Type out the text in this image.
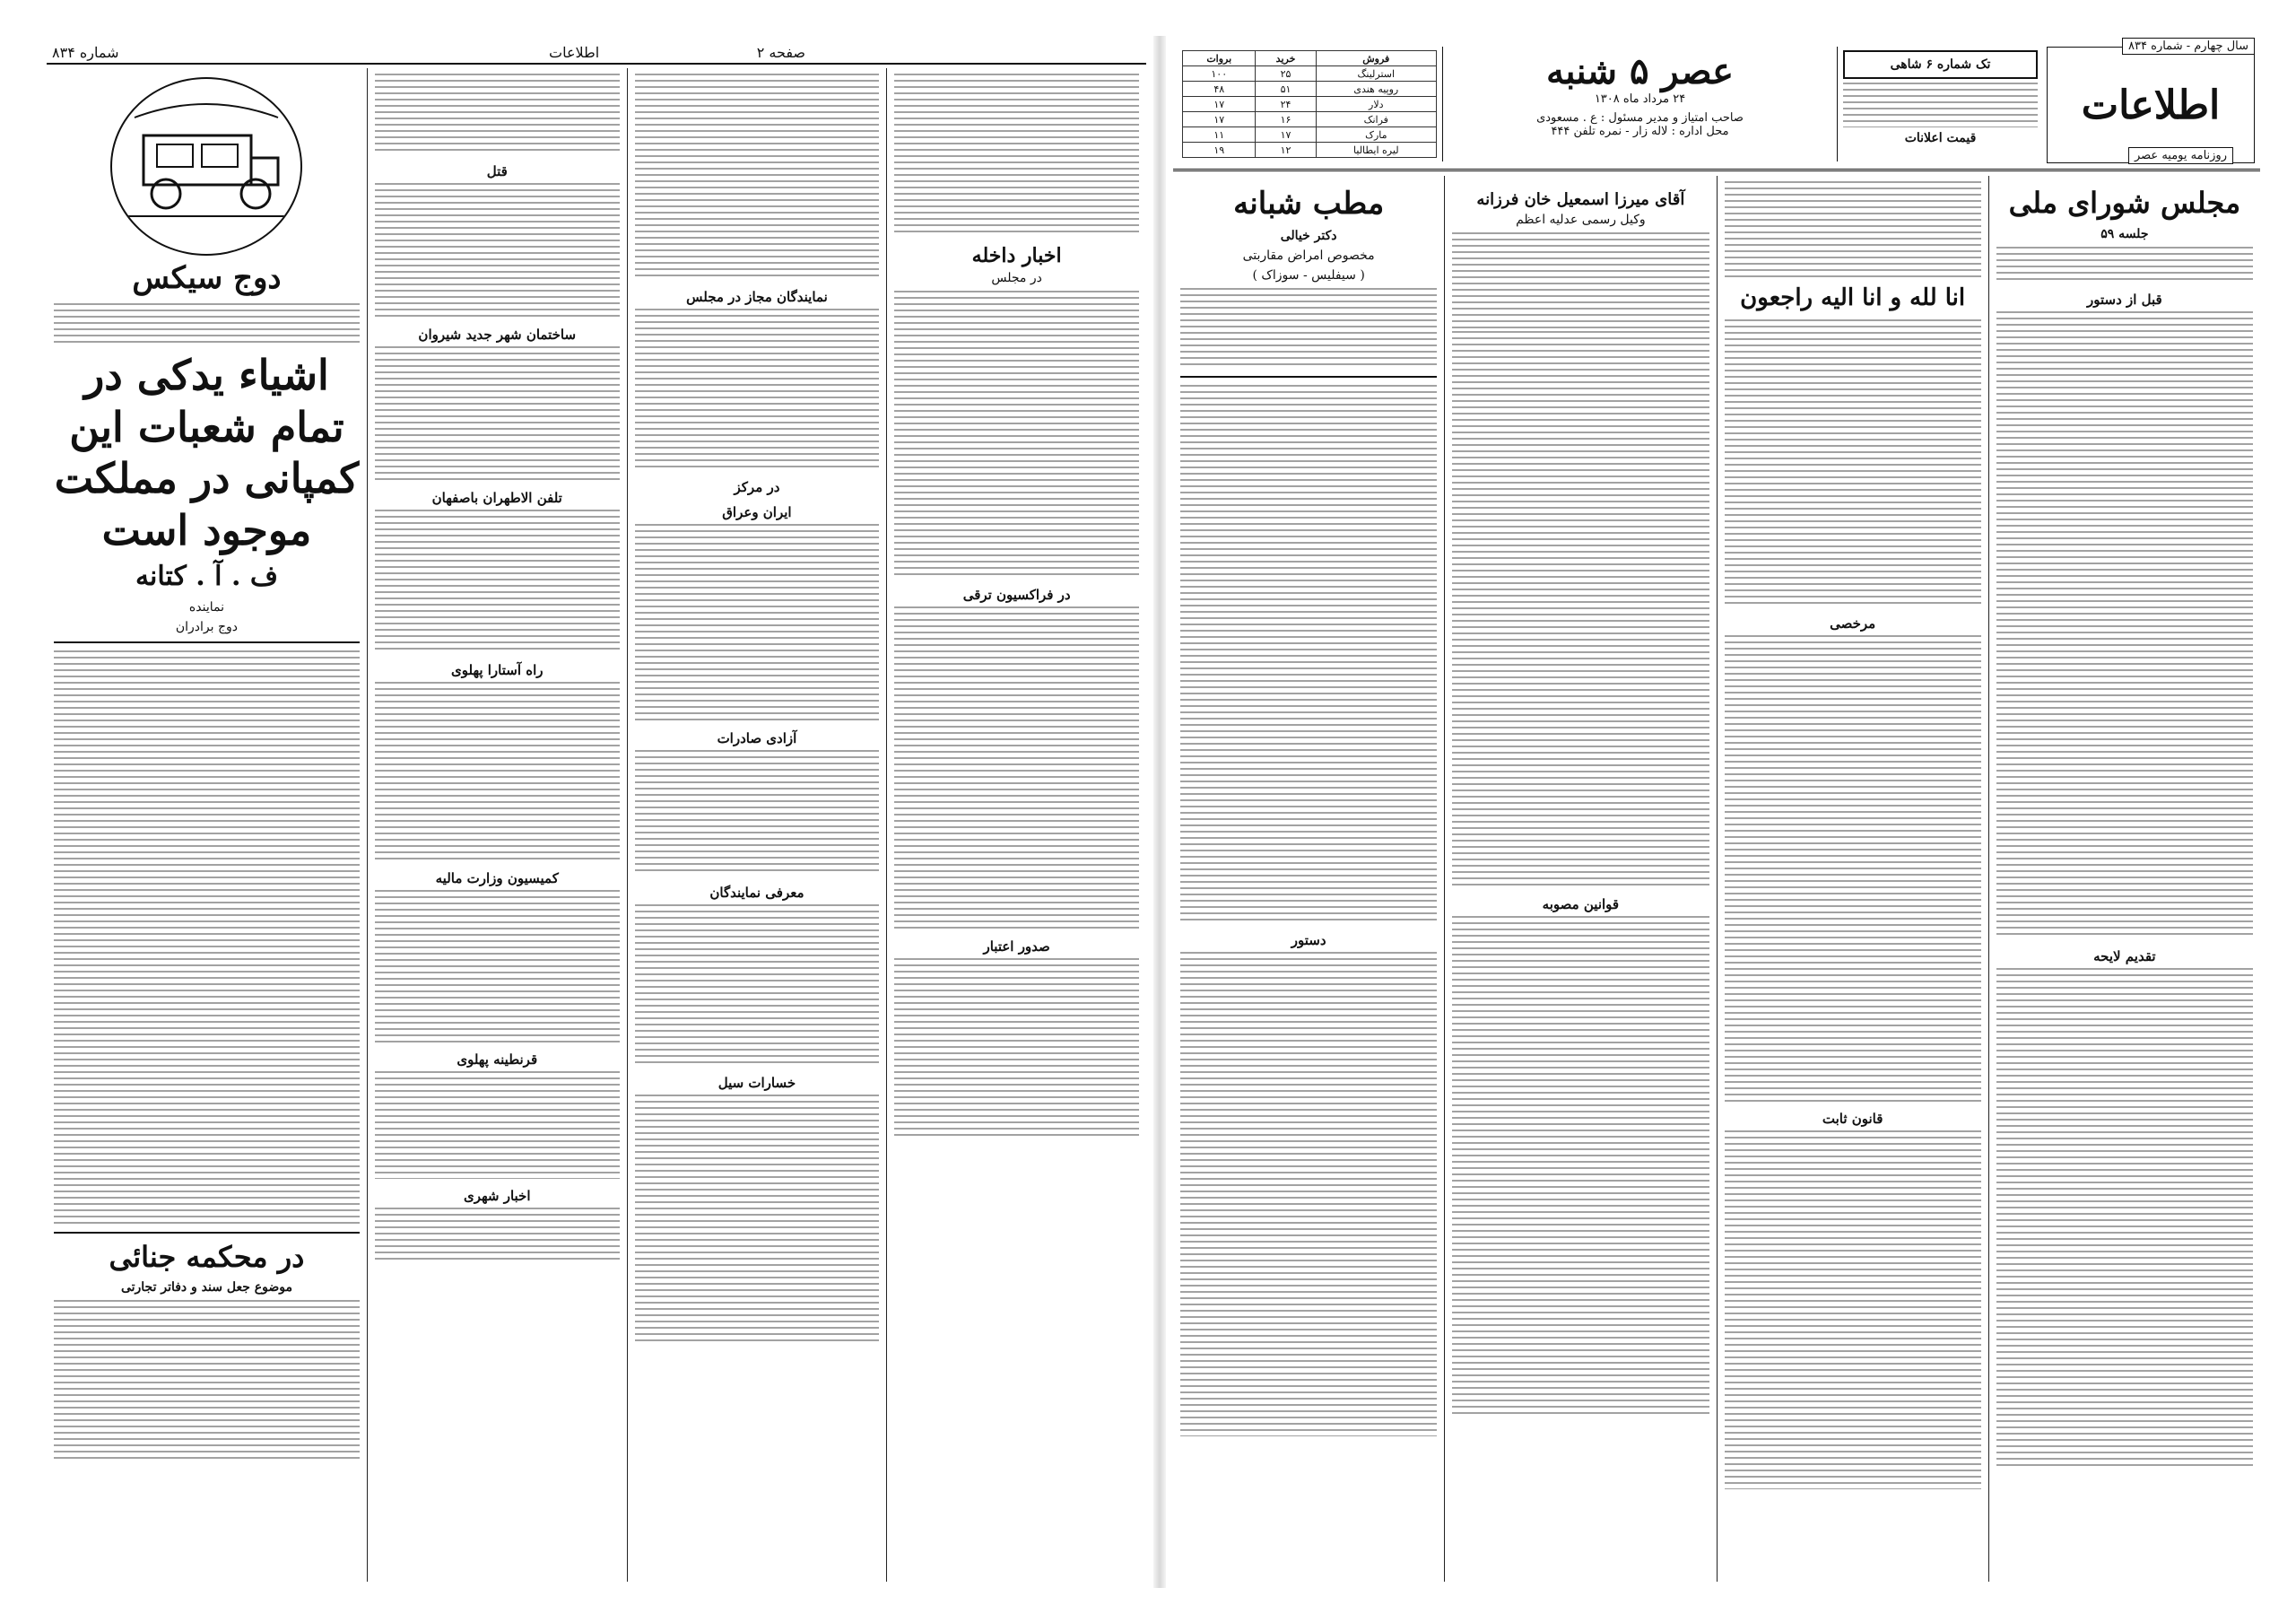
شماره ۸۳۴	اطلاعات	صفحه ۲
اخبار داخله
در مجلس
در فراکسیون ترقی
صدور اعتبار
نمایندگان مجاز در مجلس
در مرکز
ایران وعراق
آزادی صادرات
معرفی نمایندگان
خسارات سیل
قتل
ساختمان شهر جدید شیروان
تلفن الاطهران باصفهان
راه آستارا پهلوی
کمیسیون وزارت مالیه
قرنطینه پهلوی
اخبار شهری
دوج سیکس
اشیاء یدکی در تمام شعبات این کمپانی در مملکت موجود است
ف . آ . کتانه
نماینده
دوج برادران
در محکمه جنائی
موضوع جعل سند و دفاتر تجارتی
اطلاعات
سال چهارم - شماره ۸۳۴
روزنامه یومیه عصر
تک شماره ۶ شاهی
قیمت اعلانات
عصر ۵ شنبه
۲۴ مرداد ماه ۱۳۰۸
صاحب امتیاز و مدیر مسئول : ع . مسعودی
محل اداره : لاله زار - نمره تلفن ۴۴۴
فروش	خرید	بروات
استرلینگ	۲۵	۱۰۰
روپیه هندی	۵۱	۴۸
دلار	۲۴	۱۷
فرانک	۱۶	۱۷
مارک	۱۷	۱۱
لیره ایطالیا	۱۲	۱۹
مجلس شورای ملی
جلسه ۵۹
قبل از دستور
تقدیم لایحه
انا لله و انا الیه راجعون
مرخصی
قانون ثابت
آقای میرزا اسمعیل خان فرزانه
وکیل رسمی عدلیه اعظم
قوانین مصوبه
مطب شبانه
دکتر خیالی
مخصوص امراض مقاربتی
( سیفلیس - سوزاک )
دستور
